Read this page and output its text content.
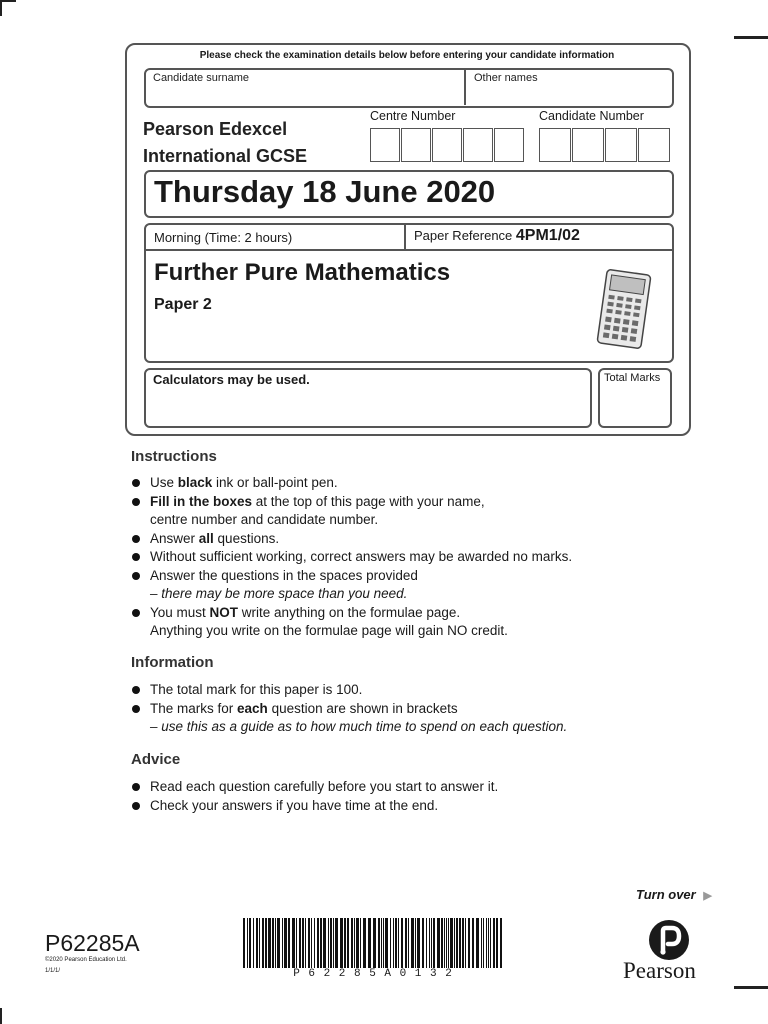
Please check the examination details below before entering your candidate information
Candidate surname	Other names
Pearson Edexcel
International GCSE
Centre Number	Candidate Number
Thursday 18 June 2020
Morning (Time: 2 hours)	Paper Reference 4PM1/02
Further Pure Mathematics
Paper 2
Calculators may be used.	Total Marks
Instructions
Use black ink or ball-point pen.
Fill in the boxes at the top of this page with your name,
centre number and candidate number.
Answer all questions.
Without sufficient working, correct answers may be awarded no marks.
Answer the questions in the spaces provided
– there may be more space than you need.
You must NOT write anything on the formulae page.
Anything you write on the formulae page will gain NO credit.
Information
The total mark for this paper is 100.
The marks for each question are shown in brackets
– use this as a guide as to how much time to spend on each question.
Advice
Read each question carefully before you start to answer it.
Check your answers if you have time at the end.
Turn over ▶
P62285A
©2020 Pearson Education Ltd.
1/1/1/	P 6 2 2 8 5 A 0 1 3 2	Pearson
